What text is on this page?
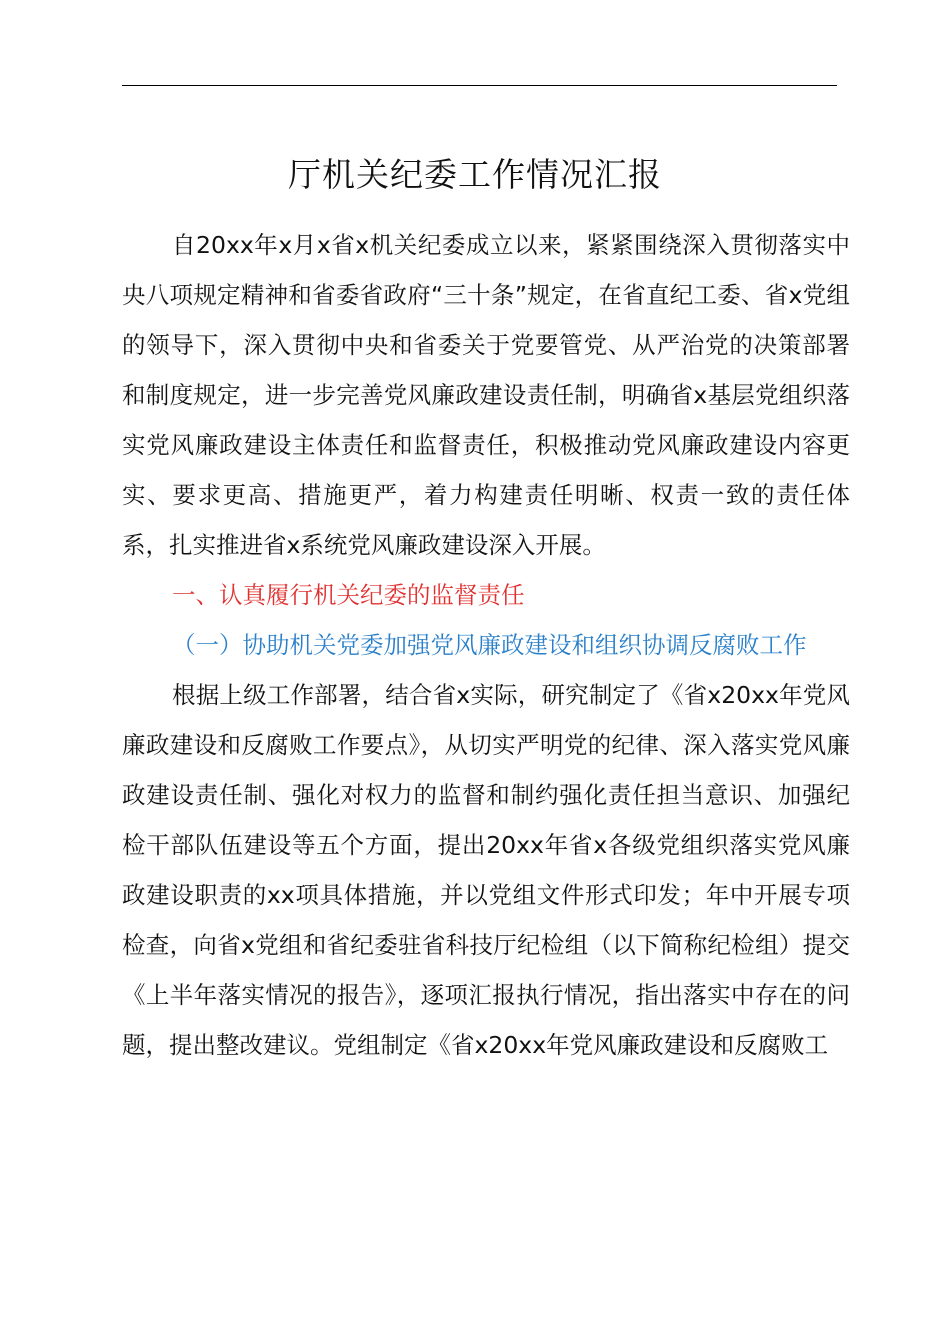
厅机关纪委工作情况汇报

自20xx年x月x省x机关纪委成立以来，紧紧围绕深入贯彻落实中央八项规定精神和省委省政府“三十条”规定，在省直纪工委、省x党组的领导下，深入贯彻中央和省委关于党要管党、从严治党的决策部署和制度规定，进一步完善党风廉政建设责任制，明确省x基层党组织落实党风廉政建设主体责任和监督责任，积极推动党风廉政建设内容更实、要求更高、措施更严，着力构建责任明晰、权责一致的责任体系，扎实推进省x系统党风廉政建设深入开展。

一、认真履行机关纪委的监督责任

（一）协助机关党委加强党风廉政建设和组织协调反腐败工作

根据上级工作部署，结合省x实际，研究制定了《省x20xx年党风廉政建设和反腐败工作要点》，从切实严明党的纪律、深入落实党风廉政建设责任制、强化对权力的监督和制约强化责任担当意识、加强纪检干部队伍建设等五个方面，提出20xx年省x各级党组织落实党风廉政建设职责的xx项具体措施，并以党组文件形式印发；年中开展专项检查，向省x党组和省纪委驻省科技厅纪检组（以下简称纪检组）提交《上半年落实情况的报告》，逐项汇报执行情况，指出落实中存在的问题，提出整改建议。党组制定《省x20xx年党风廉政建设和反腐败工
